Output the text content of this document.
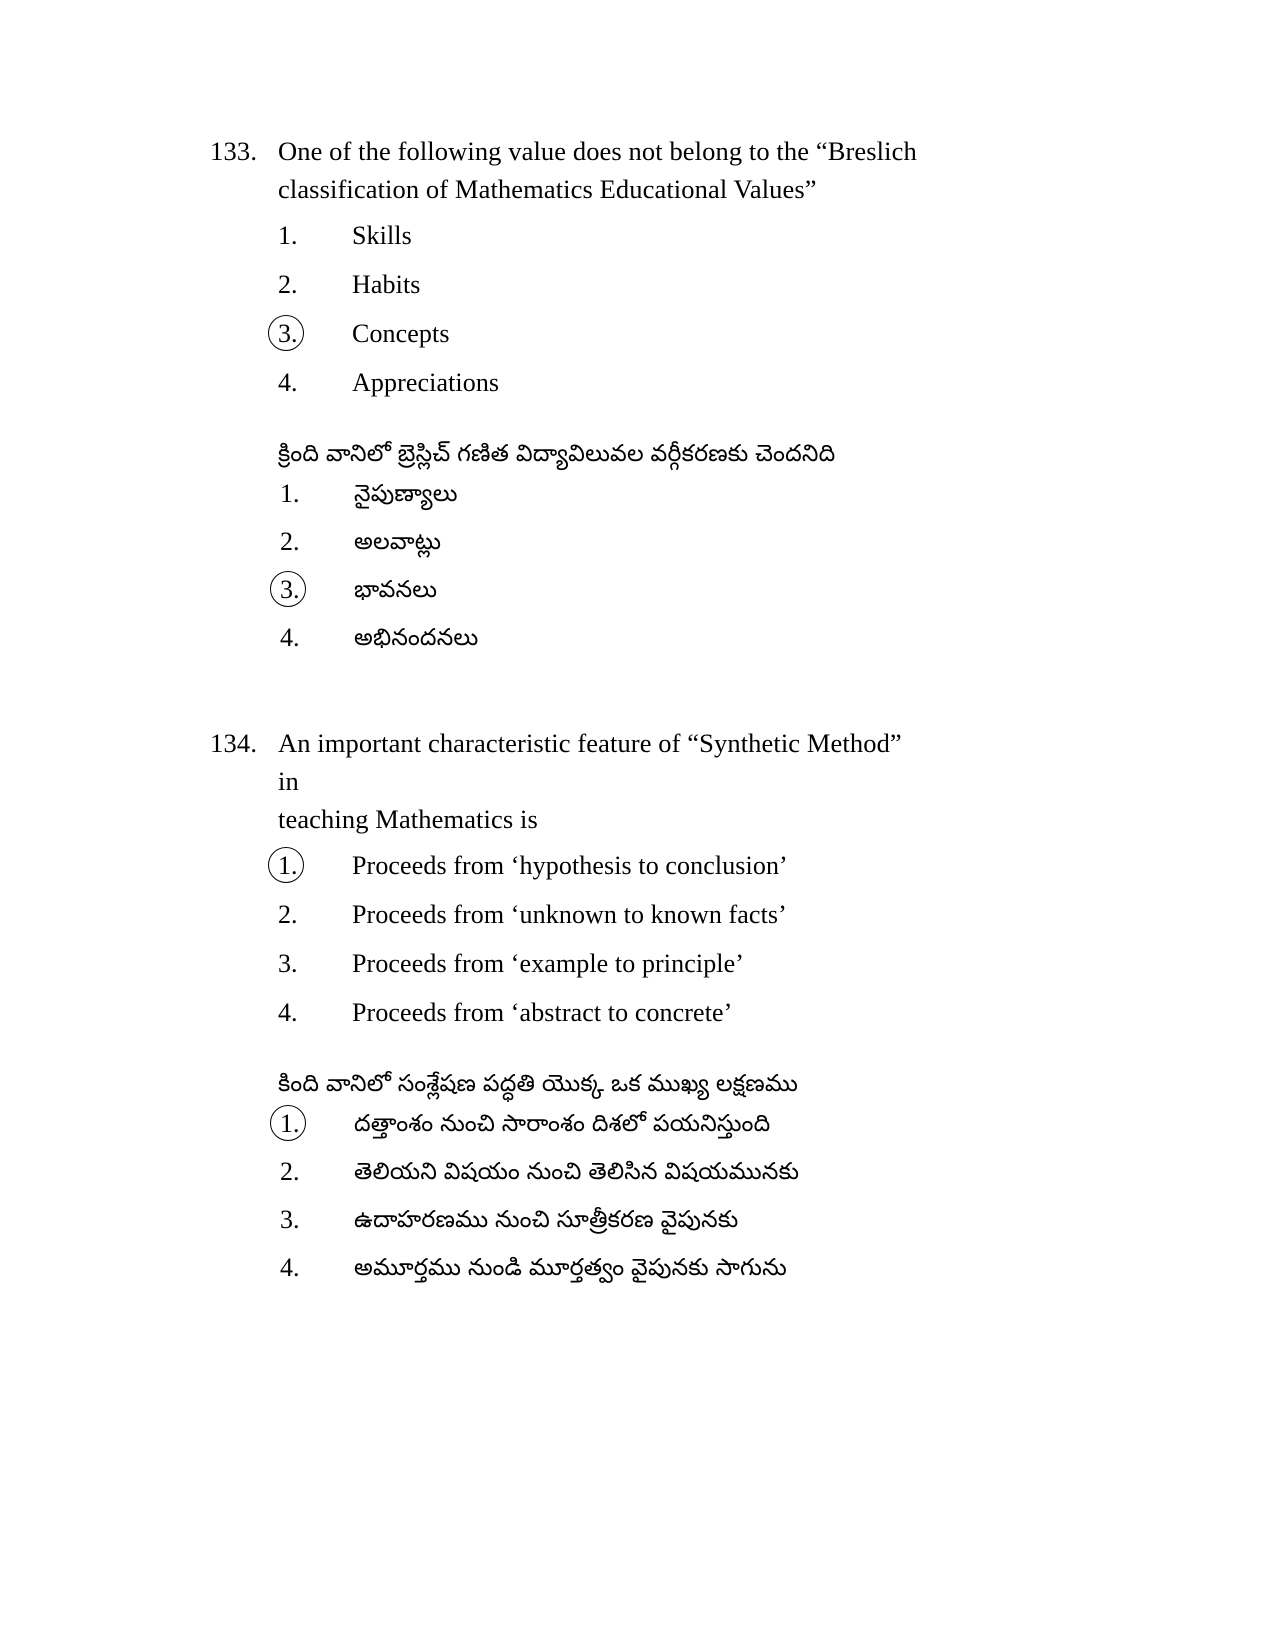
133. One of the following value does not belong to the “Breslich
classification of Mathematics Educational Values”
1.	Skills
2.	Habits
3.	Concepts
4.	Appreciations
క్రింది వానిలో బ్రెస్లిచ్ గణిత విద్యావిలువల వర్గీకరణకు చెందనిది
1.	నైపుణ్యాలు
2.	అలవాట్లు
3.	భావనలు
4.	అభినందనలు
134. An important characteristic feature of “Synthetic Method” in
teaching Mathematics is
1.	Proceeds from ‘hypothesis to conclusion’
2.	Proceeds from ‘unknown to known facts’
3.	Proceeds from ‘example to principle’
4.	Proceeds from ‘abstract to concrete’
కింది వానిలో సంశ్లేషణ పద్ధతి యొక్క ఒక ముఖ్య లక్షణము
1.	దత్తాంశం నుంచి సారాంశం దిశలో పయనిస్తుంది
2.	తెలియని విషయం నుంచి తెలిసిన విషయమునకు
3.	ఉదాహరణము నుంచి సూత్రీకరణ వైపునకు
4.	అమూర్తము నుండి మూర్తత్వం వైపునకు సాగును
